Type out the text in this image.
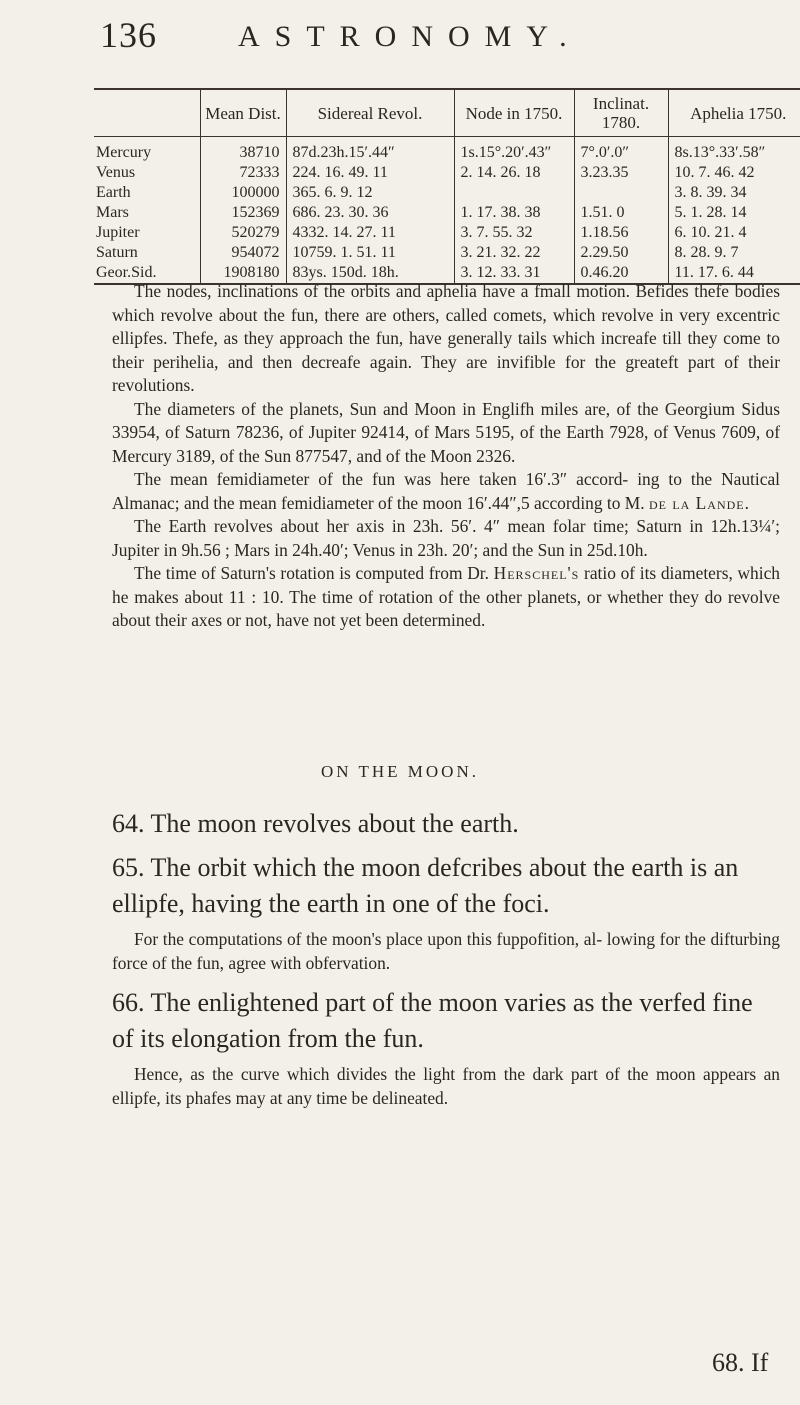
136	ASTRONOMY.
	Mean Dist.	Sidereal Revol.	Node in 1750.	Inclinat. 1780.	Aphelia 1750.
Mercury	38710	87d.23h.15′.44″	1s.15°.20′.43″	7°.0′.0″	8s.13°.33′.58″
Venus	72333	224. 16. 49. 11	2. 14. 26. 18	3.23.35	10. 7. 46. 42
Earth	100000	365. 6. 9. 12			3. 8. 39. 34
Mars	152369	686. 23. 30. 36	1. 17. 38. 38	1.51. 0	5. 1. 28. 14
Jupiter	520279	4332. 14. 27. 11	3. 7. 55. 32	1.18.56	6. 10. 21. 4
Saturn	954072	10759. 1. 51. 11	3. 21. 32. 22	2.29.50	8. 28. 9. 7
Geor.Sid.	1908180	83ys. 150d. 18h.	3. 12. 33. 31	0.46.20	11. 17. 6. 44

The nodes, inclinations of the orbits and aphelia have a fmall motion. Befides thefe bodies which revolve about the fun, there are others, called comets, which revolve in very excentric ellipfes. Thefe, as they approach the fun, have generally tails which increafe till they come to their perihelia, and then decreafe again. They are invifible for the greateft part of their revolutions.

The diameters of the planets, Sun and Moon in Englifh miles are, of the Georgium Sidus 33954, of Saturn 78236, of Jupiter 92414, of Mars 5195, of the Earth 7928, of Venus 7609, of Mercury 3189, of the Sun 877547, and of the Moon 2326.

The mean femidiameter of the fun was here taken 16′.3″ accord- ing to the Nautical Almanac; and the mean femidiameter of the moon 16′.44″,5 according to M. de la Lande.

The Earth revolves about her axis in 23h. 56′. 4″ mean folar time; Saturn in 12h.13¼′; Jupiter in 9h.56 ; Mars in 24h.40′; Venus in 23h. 20′; and the Sun in 25d.10h.

The time of Saturn's rotation is computed from Dr. Herschel's ratio of its diameters, which he makes about 11 : 10. The time of rotation of the other planets, or whether they do revolve about their axes or not, have not yet been determined.

ON THE MOON.
64. The moon revolves about the earth.
65. The orbit which the moon defcribes about the earth is an ellipfe, having the earth in one of the foci.

For the computations of the moon's place upon this fuppofition, al- lowing for the difturbing force of the fun, agree with obfervation.

66. The enlightened part of the moon varies as the verfed fine of its elongation from the fun.

Hence, as the curve which divides the light from the dark part of the moon appears an ellipfe, its phafes may at any time be delineated.

68. If
